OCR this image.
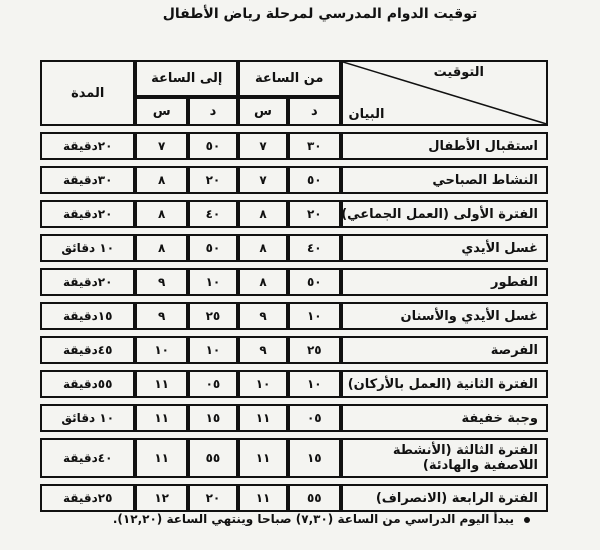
توقيت الدوام المدرسي لمرحلة رياض الأطفال
التوقيت
البيان	من الساعة		إلى الساعة		المدة
	د	س	د	س	

استقبال الأطفال	٣٠	٧	٥٠	٧	٢٠دقيقة

النشاط الصباحي	٥٠	٧	٢٠	٨	٣٠دقيقة

الفترة الأولى (العمل الجماعي)	٢٠	٨	٤٠	٨	٢٠دقيقة

غسل الأيدي	٤٠	٨	٥٠	٨	١٠ دقائق

الفطور	٥٠	٨	١٠	٩	٢٠دقيقة

غسل الأيدي والأسنان	١٠	٩	٢٥	٩	١٥دقيقة

الفرصة	٢٥	٩	١٠	١٠	٤٥دقيقة

الفترة الثانية (العمل بالأركان)	١٠	١٠	٠٥	١١	٥٥دقيقة

وجبة خفيفة	٠٥	١١	١٥	١١	١٠ دقائق

الفترة الثالثة (الأنشطة اللاصفية والهادئة)	١٥	١١	٥٥	١١	٤٠دقيقة

الفترة الرابعة (الانصراف)	٥٥	١١	٢٠	١٢	٢٥دقيقة
يبدأ اليوم الدراسي من الساعة (٧,٣٠) صباحا وينتهي الساعة (١٢,٢٠).
